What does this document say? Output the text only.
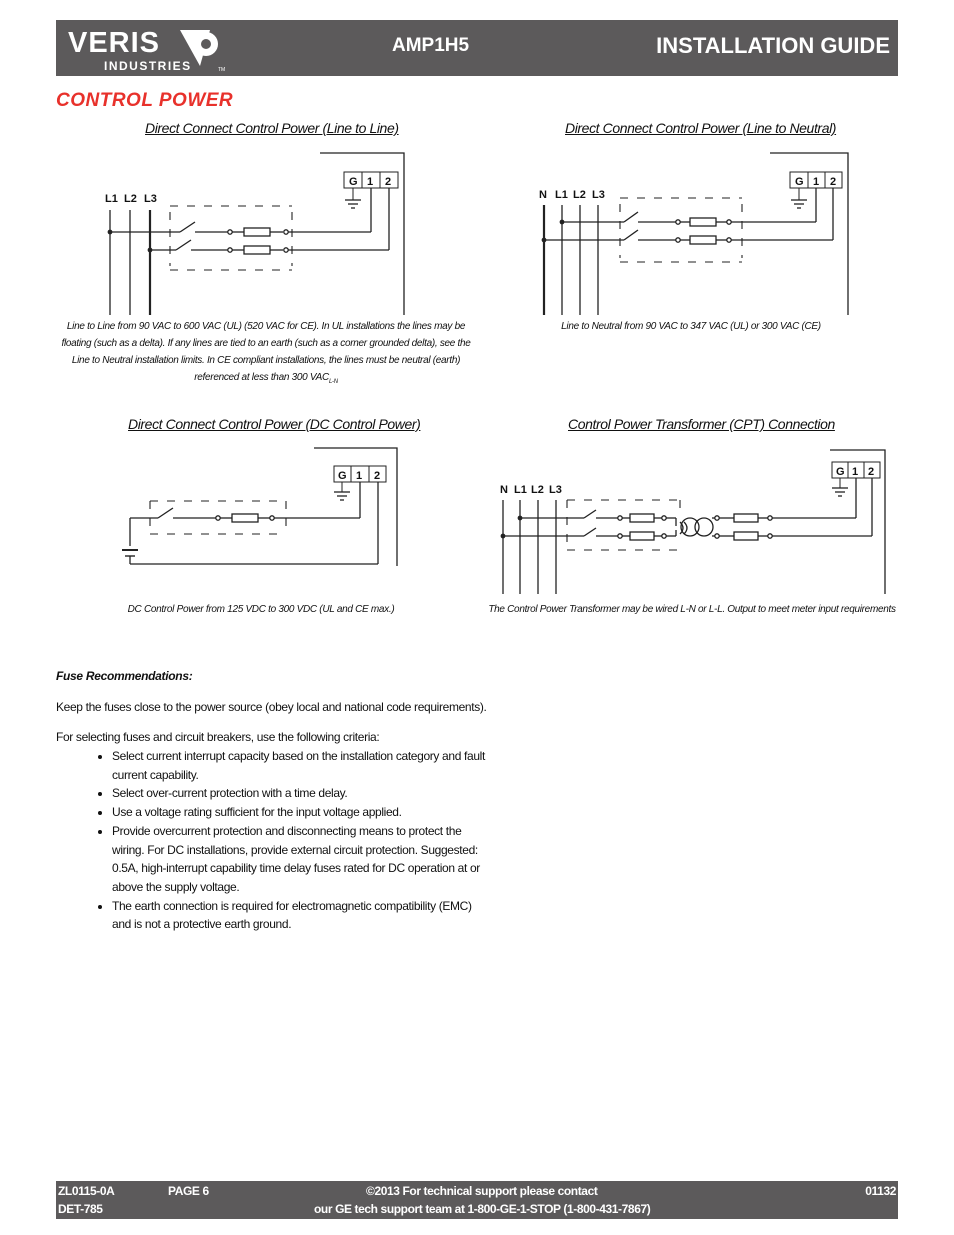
VERIS
INDUSTRIES	TM
AMP1H5	INSTALLATION GUIDE
CONTROL POWER
Direct Connect Control Power (Line to Line)
G 1 2
L1 L2 L3
Line to Line from 90 VAC to 600 VAC (UL) (520 VAC for CE). In UL installations the lines may be floating (such as a delta). If any lines are tied to an earth (such as a corner grounded delta), see the Line to Neutral installation limits. In CE compliant installations, the lines must be neutral (earth) referenced at less than 300 $VAC_{L-N}$
Direct Connect Control Power (Line to Neutral)
G 1 2
N L1 L2 L3
Line to Neutral from 90 VAC to 347 VAC (UL) or 300 VAC (CE)
Direct Connect Control Power (DC Control Power)
G 1 2
DC Control Power from 125 VDC to 300 VDC (UL and CE max.)
Control Power Transformer (CPT) Connection
G 1 2
N L1 L2 L3
The Control Power Transformer may be wired L-N or L-L. Output to meet meter input requirements
Fuse Recommendations:
Keep the fuses close to the power source (obey local and national code requirements).
For selecting fuses and circuit breakers, use the following criteria:
• Select current interrupt capacity based on the installation category and fault current capability.
• Select over-current protection with a time delay.
• Use a voltage rating sufficient for the input voltage applied.
• Provide overcurrent protection and disconnecting means to protect the wiring. For DC installations, provide external circuit protection. Suggested: 0.5A, high-interrupt capability time delay fuses rated for DC operation at or above the supply voltage.
• The earth connection is required for electromagnetic compatibility (EMC) and is not a protective earth ground.
ZL0115-0A	PAGE 6	©2013 For technical support please contact	01132
DET-785	our GE tech support team at 1-800-GE-1-STOP (1-800-431-7867)
